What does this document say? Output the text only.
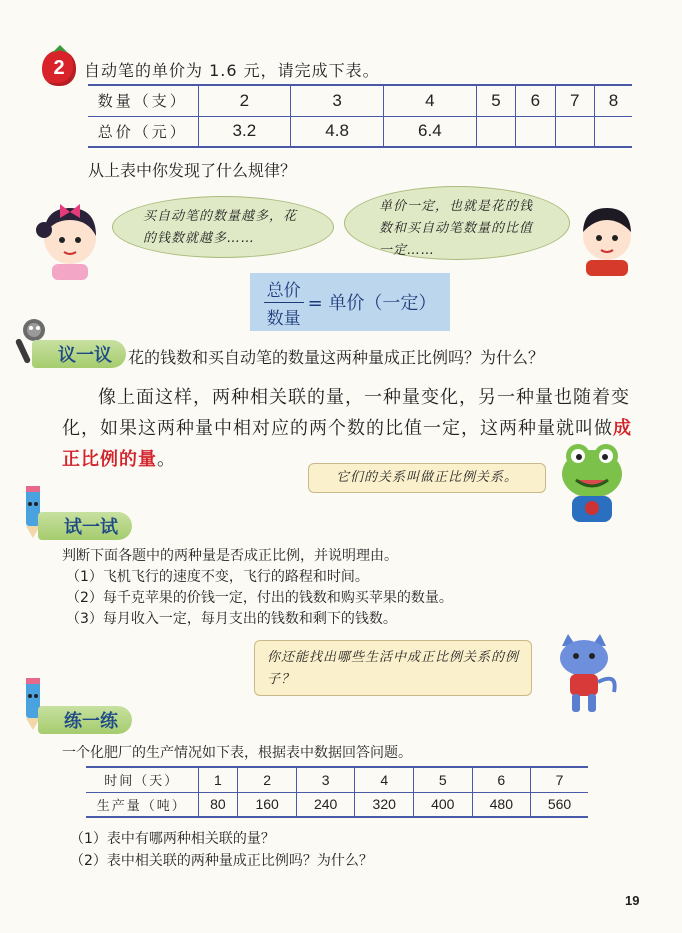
2 自动笔的单价为 1.6 元，请完成下表。
数量（支）	2	3	4	5	6	7	8
总价（元）	3.2	4.8	6.4				
从上表中你发现了什么规律？
买自动笔的数量越多，花的钱数就越多……
单价一定，也就是花的钱数和买自动笔数量的比值一定……
$\frac{\text{总价}}{\text{数量}}$ = 单价（一定）
议一议	花的钱数和买自动笔的数量这两种量成正比例吗？为什么？
像上面这样，两种相关联的量，一种量变化，另一种量也随着变化，如果这两种量中相对应的两个数的比值一定，这两种量就叫做成正比例的量。
它们的关系叫做正比例关系。
试一试
判断下面各题中的两种量是否成正比例，并说明理由。
（1）飞机飞行的速度不变，飞行的路程和时间。
（2）每千克苹果的价钱一定，付出的钱数和购买苹果的数量。
（3）每月收入一定，每月支出的钱数和剩下的钱数。
你还能找出哪些生活中成正比例关系的例子？
练一练
一个化肥厂的生产情况如下表，根据表中数据回答问题。
时间（天）	1	2	3	4	5	6	7
生产量（吨）	80	160	240	320	400	480	560
（1）表中有哪两种相关联的量？
（2）表中相关联的两种量成正比例吗？为什么？
19
